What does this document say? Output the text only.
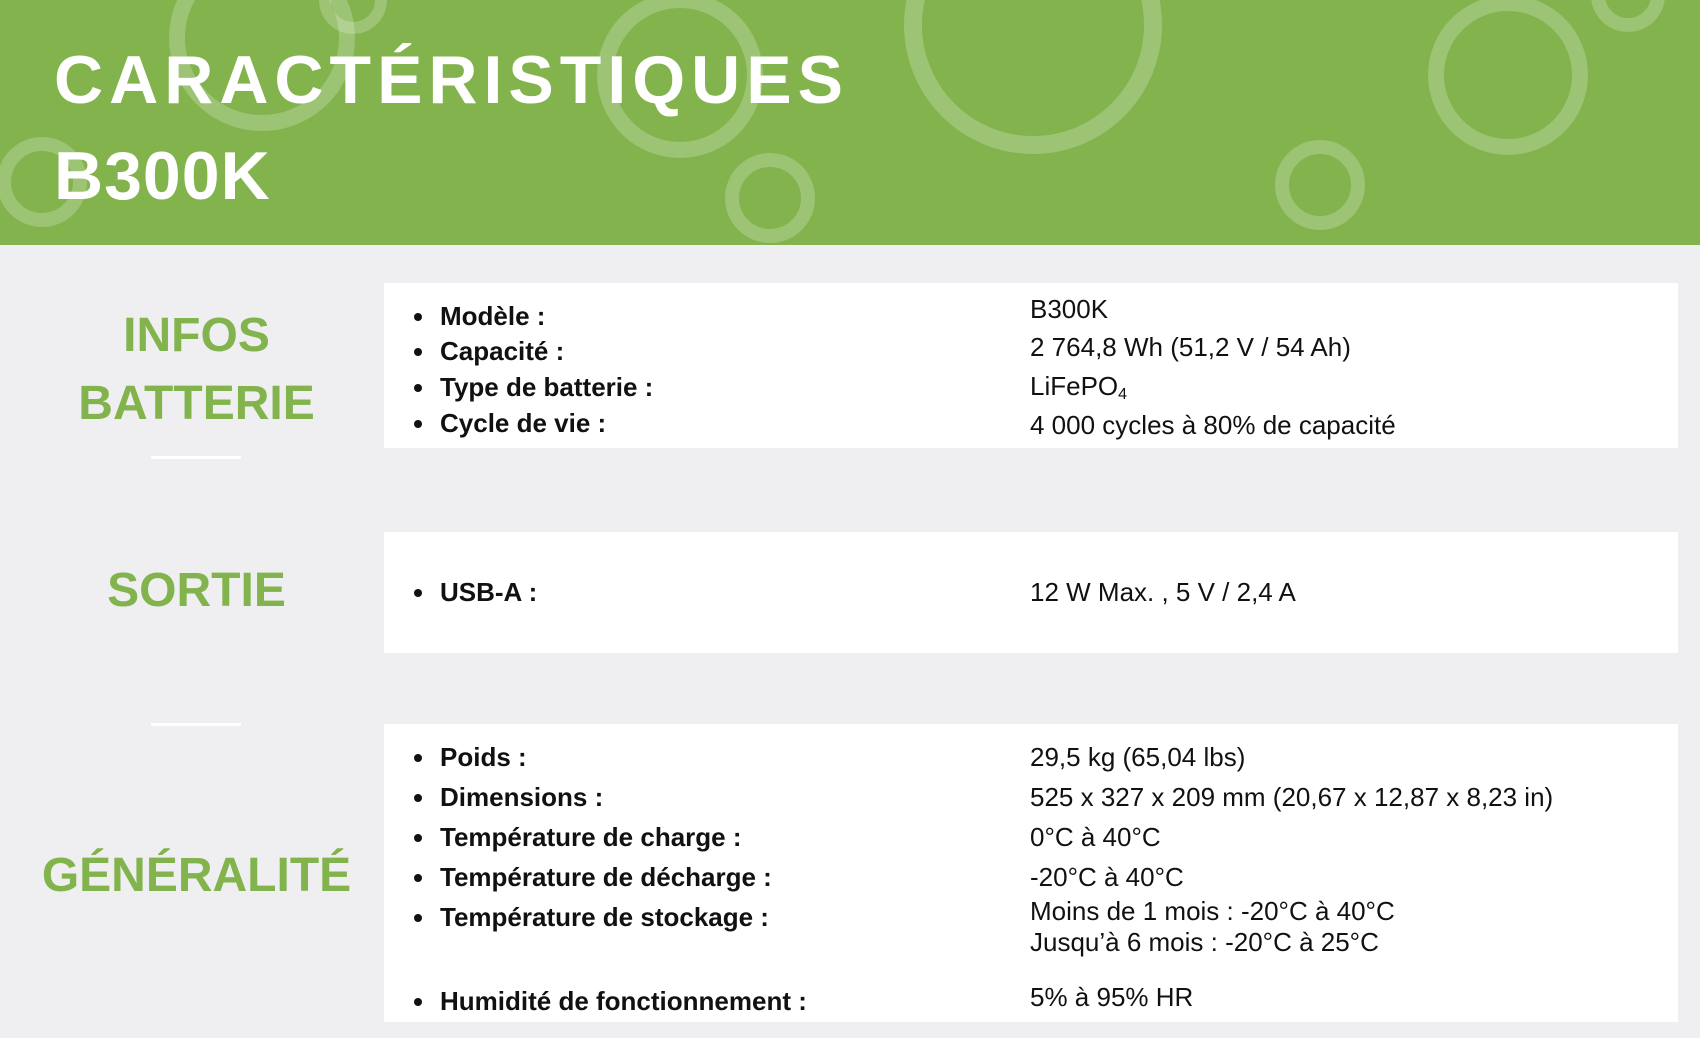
CARACTÉRISTIQUES
B300K
INFOS
BATTERIE
Modèle :	B300K
Capacité :	2 764,8 Wh (51,2 V / 54 Ah)
Type de batterie :	LiFePO$_4$
Cycle de vie :	4 000 cycles à 80% de capacité
SORTIE	USB-A :	12 W Max. , 5 V / 2,4 A
GÉNÉRALITÉ
Poids :	29,5 kg (65,04 lbs)
Dimensions :	525 x 327 x 209 mm (20,67 x 12,87 x 8,23 in)
Température de charge :	0°C à 40°C
Température de décharge :	-20°C à 40°C
Température de stockage :	Moins de 1 mois : -20°C à 40°C
Jusqu’à 6 mois : -20°C à 25°C
Humidité de fonctionnement :	5% à 95% HR
